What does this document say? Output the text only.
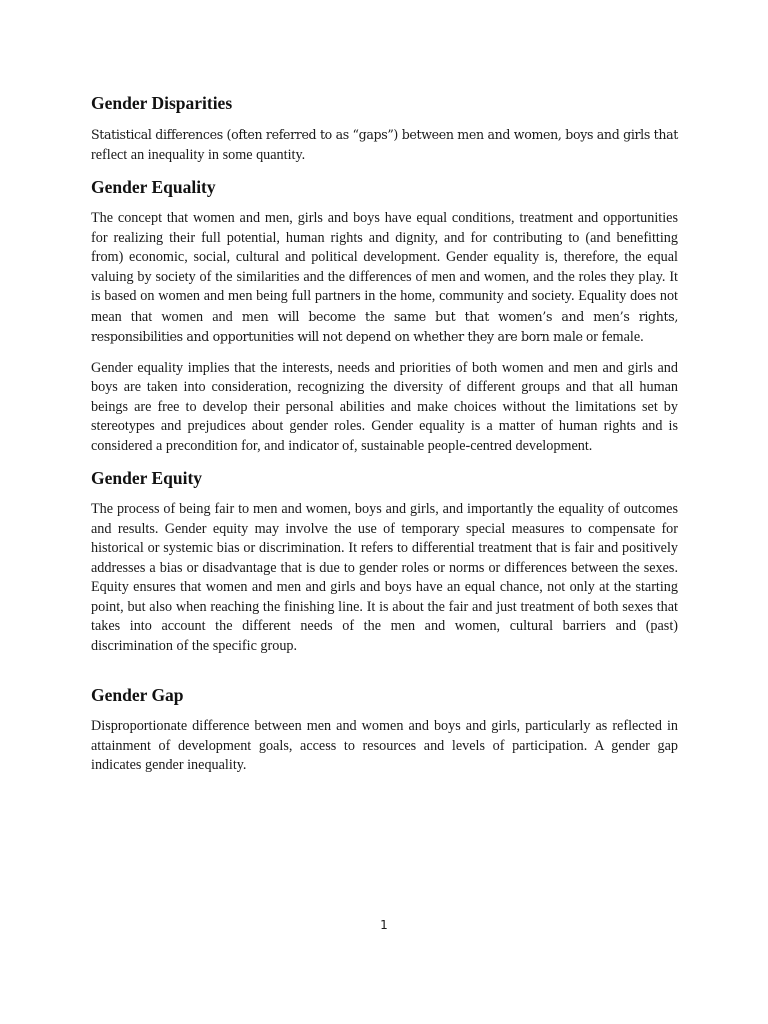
Gender Disparities

Statistical differences (often referred to as “gaps”) between men and women, boys and girls that reflect an inequality in some quantity.

Gender Equality

The concept that women and men, girls and boys have equal conditions, treatment and opportunities for realizing their full potential, human rights and dignity, and for contributing to (and benefitting from) economic, social, cultural and political development. Gender equality is, therefore, the equal valuing by society of the similarities and the differences of men and women, and the roles they play. It is based on women and men being full partners in the home, community and society. Equality does not mean that women and men will become the same but that women’s and men’s rights, responsibilities and opportunities will not depend on whether they are born male or female.

Gender equality implies that the interests, needs and priorities of both women and men and girls and boys are taken into consideration, recognizing the diversity of different groups and that all human beings are free to develop their personal abilities and make choices without the limitations set by stereotypes and prejudices about gender roles. Gender equality is a matter of human rights and is considered a precondition for, and indicator of, sustainable people-centred development.

Gender Equity

The process of being fair to men and women, boys and girls, and importantly the equality of outcomes and results. Gender equity may involve the use of temporary special measures to compensate for historical or systemic bias or discrimination. It refers to differential treatment that is fair and positively addresses a bias or disadvantage that is due to gender roles or norms or differences between the sexes. Equity ensures that women and men and girls and boys have an equal chance, not only at the starting point, but also when reaching the finishing line. It is about the fair and just treatment of both sexes that takes into account the different needs of the men and women, cultural barriers and (past) discrimination of the specific group.

Gender Gap

Disproportionate difference between men and women and boys and girls, particularly as reflected in attainment of development goals, access to resources and levels of participation. A gender gap indicates gender inequality.

1
